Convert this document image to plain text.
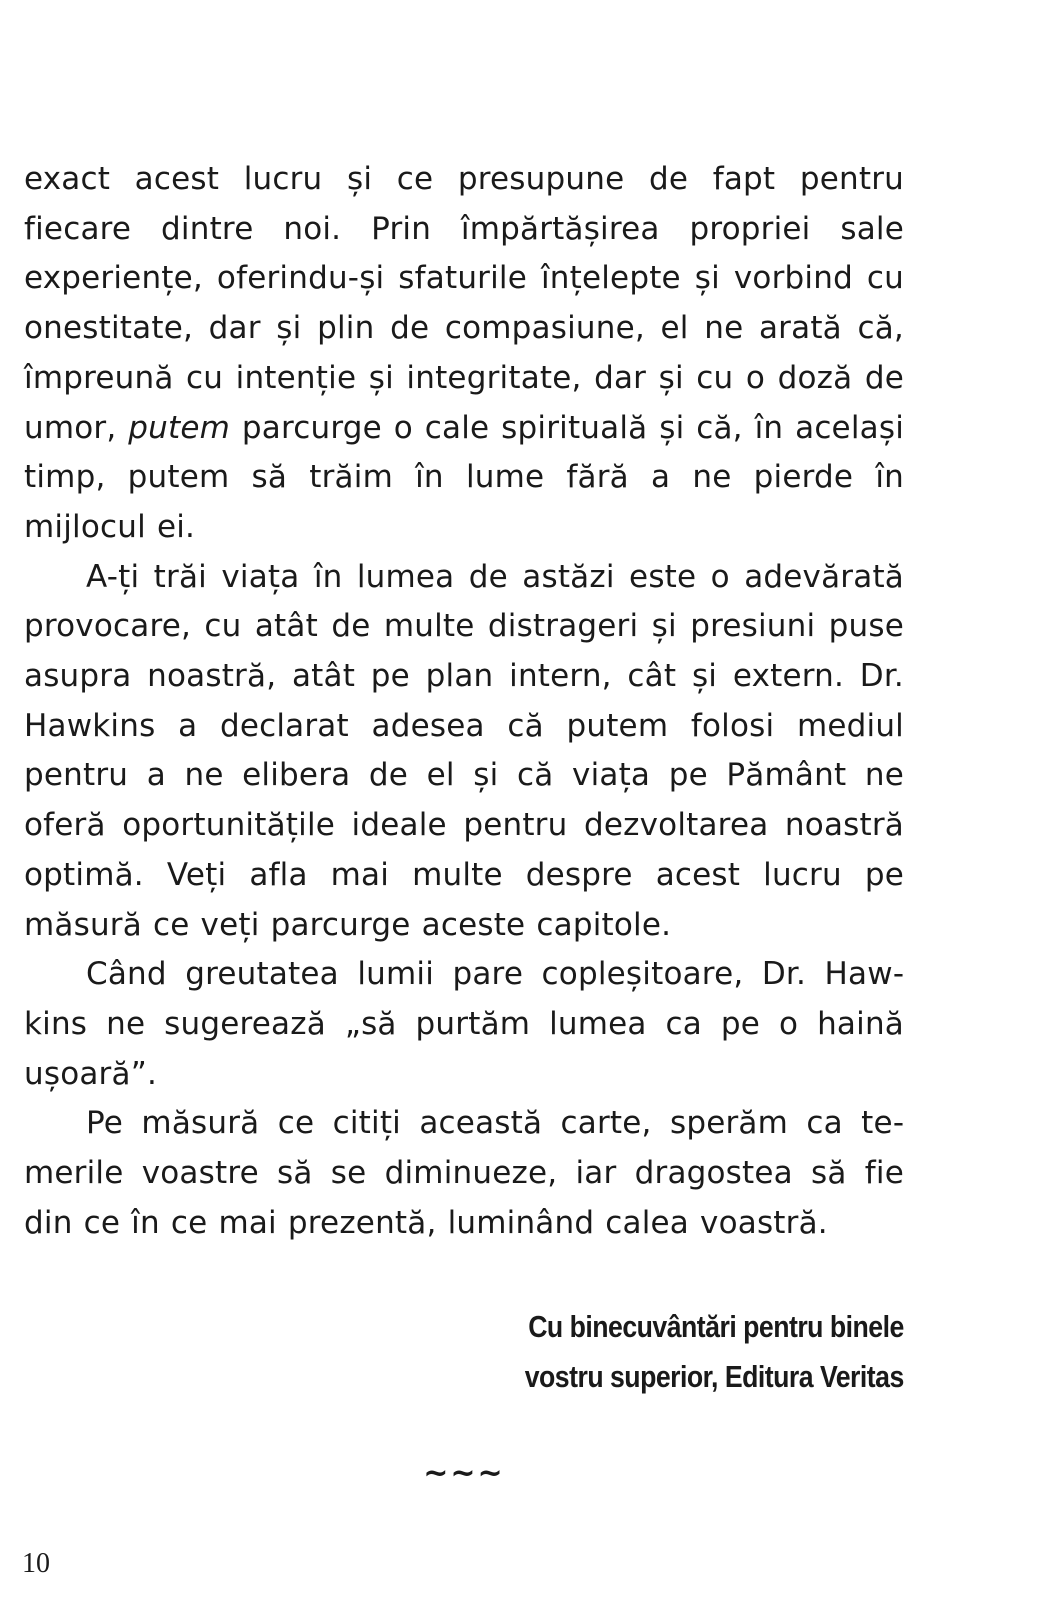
exact acest lucru și ce presupune de fapt pentru fiecare dintre noi. Prin împărtășirea propriei sale experiențe, oferindu-și sfaturile înțelepte și vorbind cu onestitate, dar și plin de compasiune, el ne arată că, împreună cu intenție și integritate, dar și cu o doză de umor, putem parcurge o cale spirituală și că, în același timp, putem să trăim în lume fără a ne pierde în mijlocul ei.

A-ți trăi viața în lumea de astăzi este o adevărată provocare, cu atât de multe distrageri și presiuni puse asupra noastră, atât pe plan intern, cât și extern. Dr. Hawkins a declarat adesea că putem folosi mediul pentru a ne elibera de el și că viața pe Pământ ne oferă oportunitățile ideale pentru dezvoltarea noastră optimă. Veți afla mai multe despre acest lucru pe măsură ce veți parcurge aceste capitole.

Când greutatea lumii pare copleșitoare, Dr. Hawkins ne sugerează „să purtăm lumea ca pe o haină ușoară”.

Pe măsură ce citiți această carte, sperăm ca temerile voastre să se diminueze, iar dragostea să fie din ce în ce mai prezentă, luminând calea voastră.

Cu binecuvântări pentru binele
vostru superior, Editura Veritas
~~~
10
